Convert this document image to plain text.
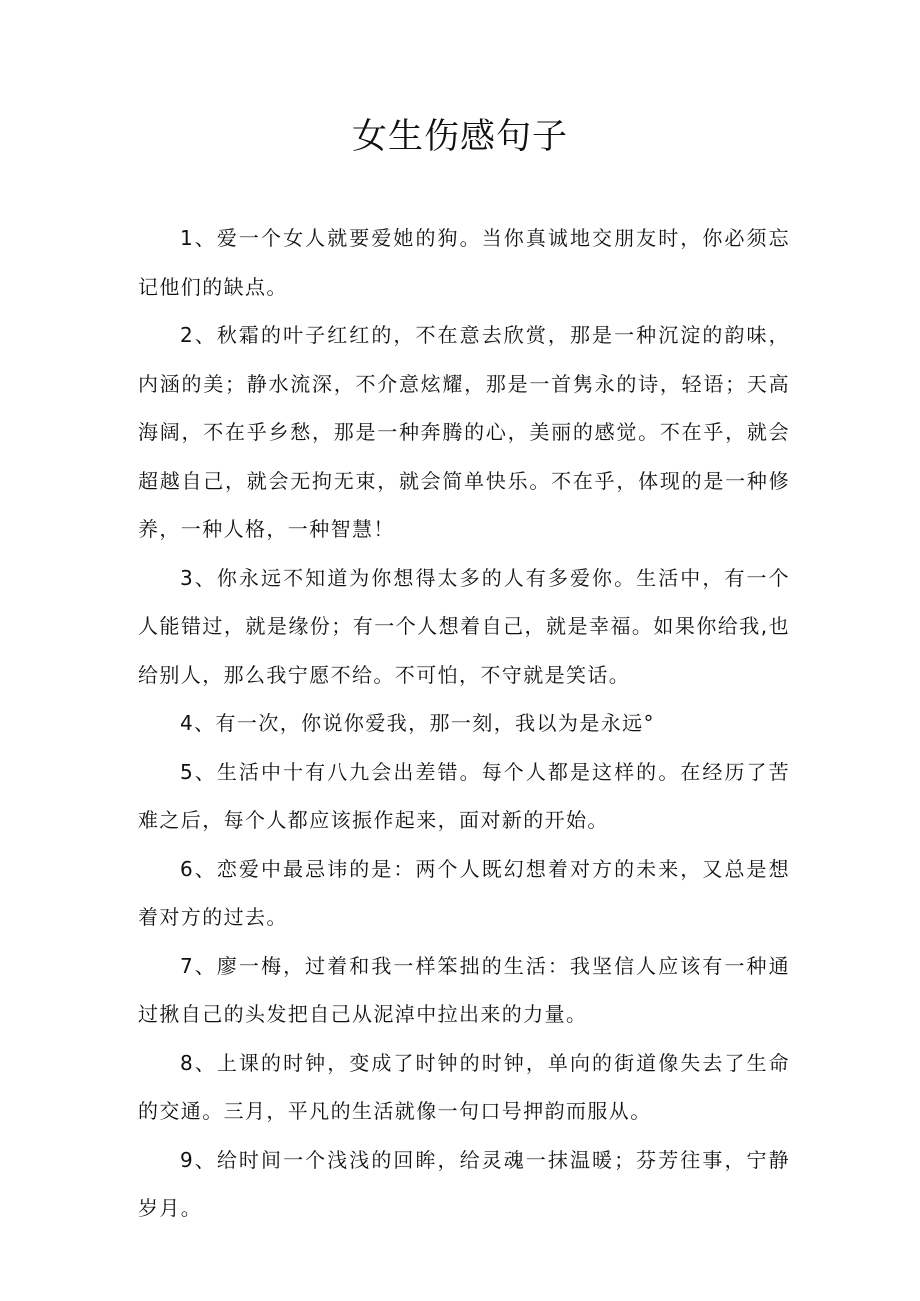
女生伤感句子

1、爱一个女人就要爱她的狗。当你真诚地交朋友时，你必须忘记他们的缺点。

2、秋霜的叶子红红的，不在意去欣赏，那是一种沉淀的韵味，内涵的美；静水流深，不介意炫耀，那是一首隽永的诗，轻语；天高海阔，不在乎乡愁，那是一种奔腾的心，美丽的感觉。不在乎，就会超越自己，就会无拘无束，就会简单快乐。不在乎，体现的是一种修养，一种人格，一种智慧！

3、你永远不知道为你想得太多的人有多爱你。生活中，有一个人能错过，就是缘份；有一个人想着自己，就是幸福。如果你给我,也给别人，那么我宁愿不给。不可怕，不守就是笑话。

4、有一次，你说你爱我，那一刻，我以为是永远°

5、生活中十有八九会出差错。每个人都是这样的。在经历了苦难之后，每个人都应该振作起来，面对新的开始。

6、恋爱中最忌讳的是：两个人既幻想着对方的未来，又总是想着对方的过去。

7、廖一梅，过着和我一样笨拙的生活：我坚信人应该有一种通过揪自己的头发把自己从泥淖中拉出来的力量。

8、上课的时钟，变成了时钟的时钟，单向的街道像失去了生命的交通。三月，平凡的生活就像一句口号押韵而服从。

9、给时间一个浅浅的回眸，给灵魂一抹温暖；芬芳往事，宁静岁月。
